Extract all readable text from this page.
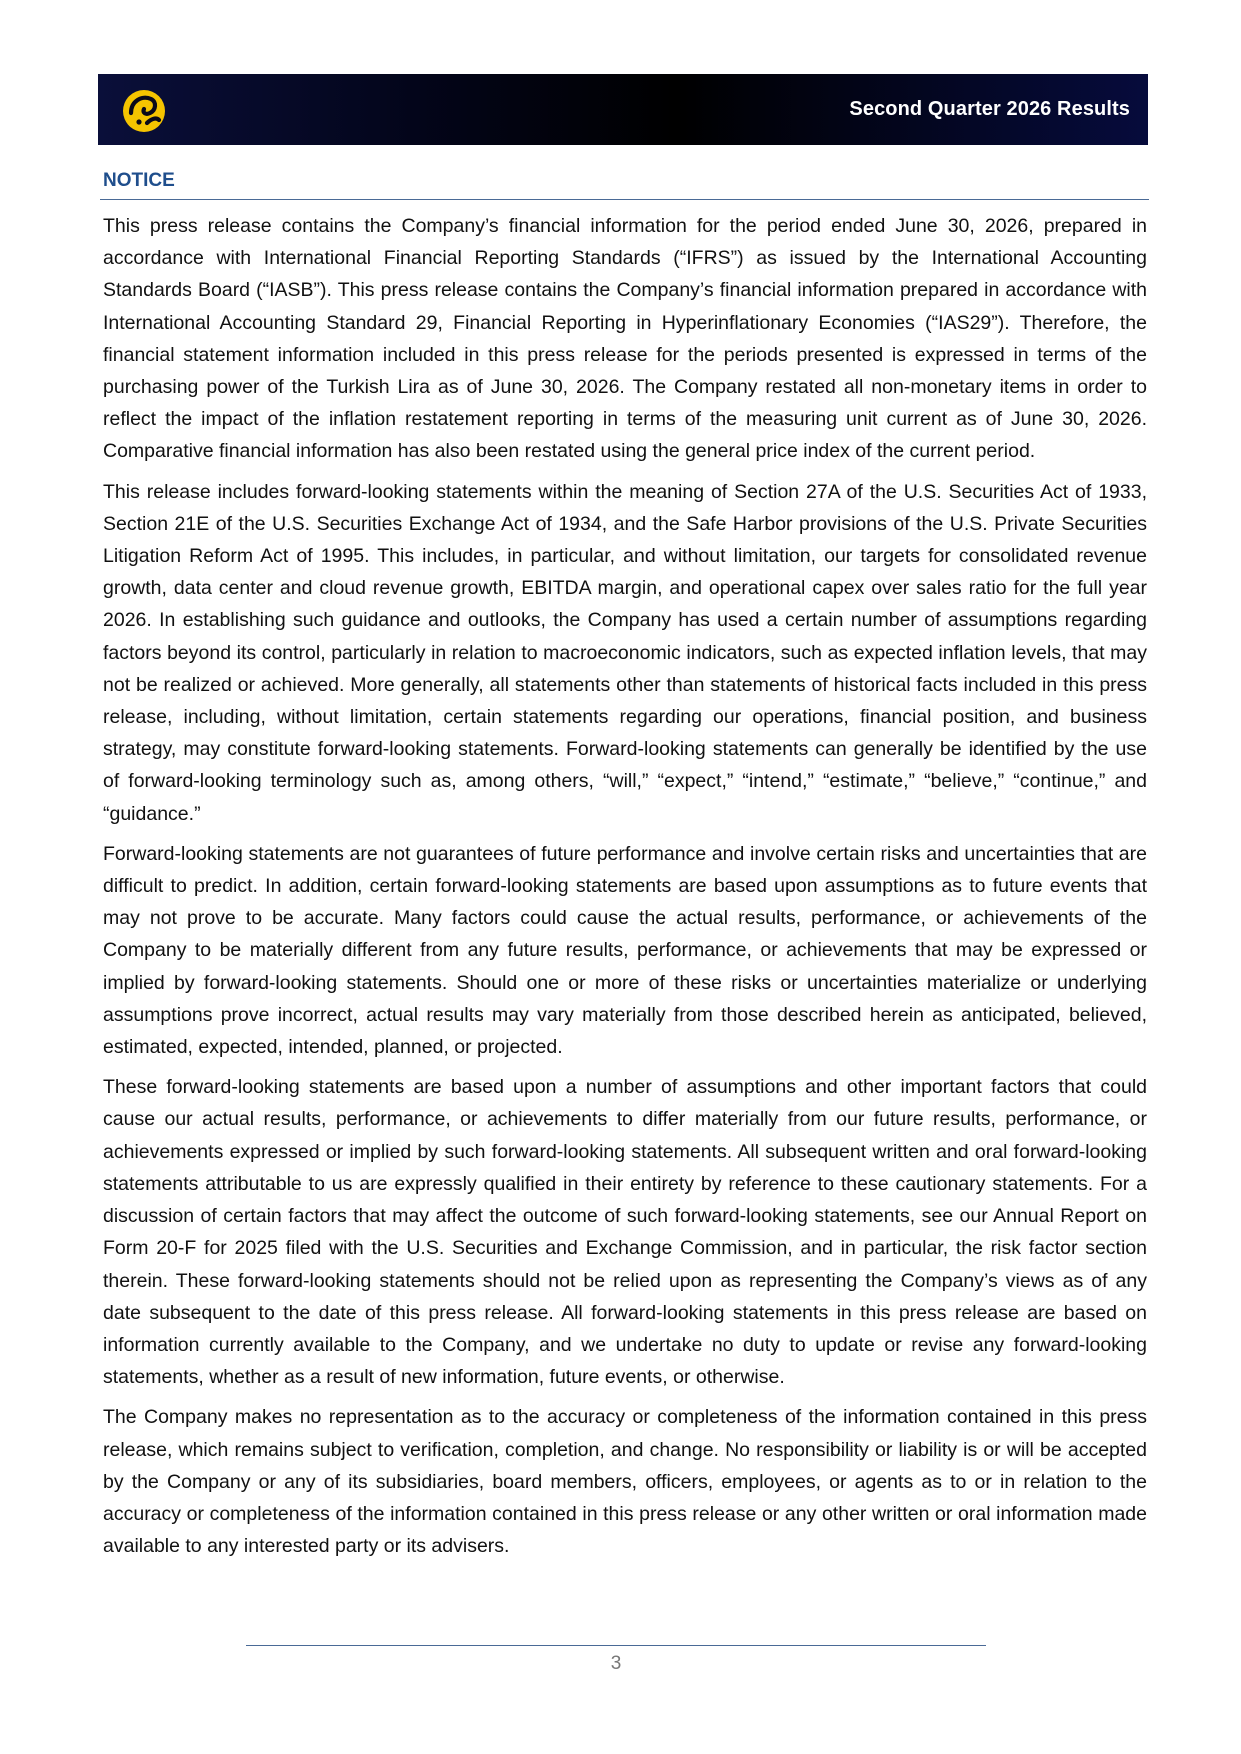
Second Quarter 2026 Results
NOTICE

This press release contains the Company’s financial information for the period ended June 30, 2026, prepared in accordance with International Financial Reporting Standards (“IFRS”) as issued by the International Accounting Standards Board (“IASB”). This press release contains the Company’s financial information prepared in accordance with International Accounting Standard 29, Financial Reporting in Hyperinflationary Economies (“IAS29”). Therefore, the financial statement information included in this press release for the periods presented is expressed in terms of the purchasing power of the Turkish Lira as of June 30, 2026. The Company restated all non-monetary items in order to reflect the impact of the inflation restatement reporting in terms of the measuring unit current as of June 30, 2026. Comparative financial information has also been restated using the general price index of the current period.

This release includes forward-looking statements within the meaning of Section 27A of the U.S. Securities Act of 1933, Section 21E of the U.S. Securities Exchange Act of 1934, and the Safe Harbor provisions of the U.S. Private Securities Litigation Reform Act of 1995. This includes, in particular, and without limitation, our targets for consolidated revenue growth, data center and cloud revenue growth, EBITDA margin, and operational capex over sales ratio for the full year 2026. In establishing such guidance and outlooks, the Company has used a certain number of assumptions regarding factors beyond its control, particularly in relation to macroeconomic indicators, such as expected inflation levels, that may not be realized or achieved. More generally, all statements other than statements of historical facts included in this press release, including, without limitation, certain statements regarding our operations, financial position, and business strategy, may constitute forward-looking statements. Forward-looking statements can generally be identified by the use of forward-looking terminology such as, among others, “will,” “expect,” “intend,” “estimate,” “believe,” “continue,” and “guidance.”

Forward-looking statements are not guarantees of future performance and involve certain risks and uncertainties that are difficult to predict. In addition, certain forward-looking statements are based upon assumptions as to future events that may not prove to be accurate. Many factors could cause the actual results, performance, or achievements of the Company to be materially different from any future results, performance, or achievements that may be expressed or implied by forward-looking statements. Should one or more of these risks or uncertainties materialize or underlying assumptions prove incorrect, actual results may vary materially from those described herein as anticipated, believed, estimated, expected, intended, planned, or projected.

These forward-looking statements are based upon a number of assumptions and other important factors that could cause our actual results, performance, or achievements to differ materially from our future results, performance, or achievements expressed or implied by such forward-looking statements. All subsequent written and oral forward-looking statements attributable to us are expressly qualified in their entirety by reference to these cautionary statements. For a discussion of certain factors that may affect the outcome of such forward-looking statements, see our Annual Report on Form 20-F for 2025 filed with the U.S. Securities and Exchange Commission, and in particular, the risk factor section therein. These forward-looking statements should not be relied upon as representing the Company’s views as of any date subsequent to the date of this press release. All forward-looking statements in this press release are based on information currently available to the Company, and we undertake no duty to update or revise any forward-looking statements, whether as a result of new information, future events, or otherwise.

The Company makes no representation as to the accuracy or completeness of the information contained in this press release, which remains subject to verification, completion, and change. No responsibility or liability is or will be accepted by the Company or any of its subsidiaries, board members, officers, employees, or agents as to or in relation to the accuracy or completeness of the information contained in this press release or any other written or oral information made available to any interested party or its advisers.

3
